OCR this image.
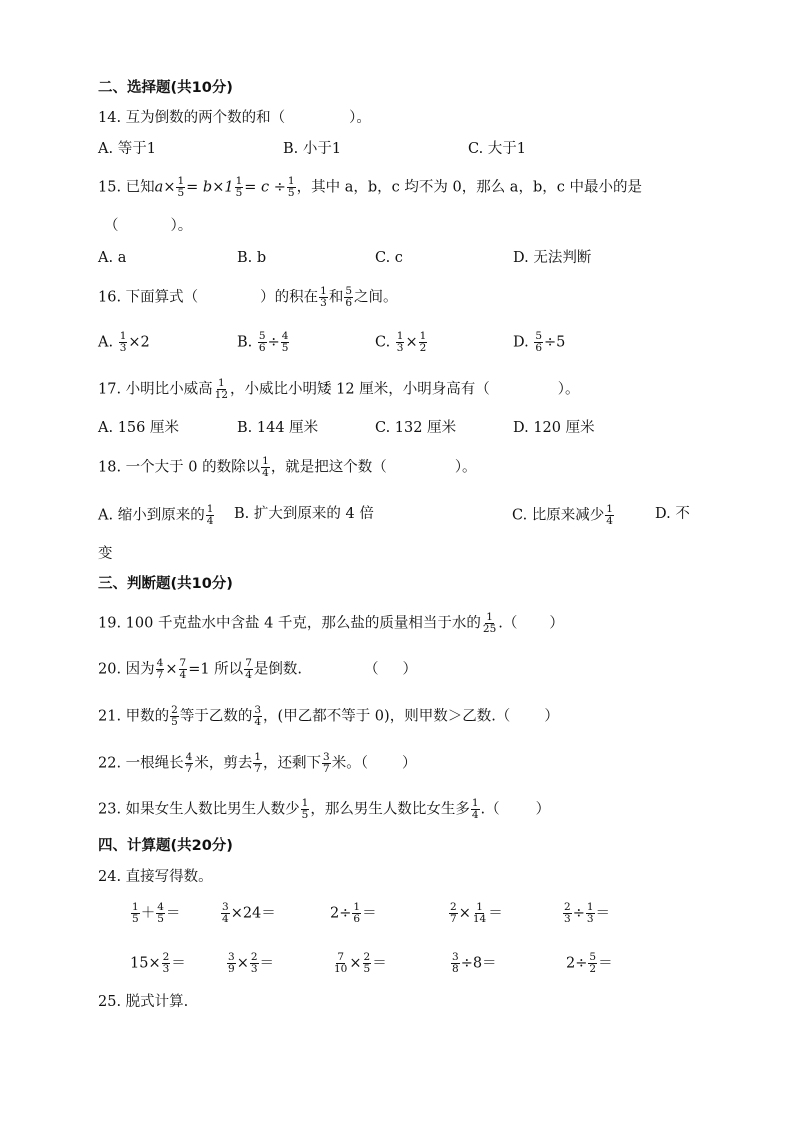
二、选择题(共10分)
14. 互为倒数的两个数的和（	）。
A. 等于1	B. 小于1	C. 大于1
15. 已知$a\times \frac{1}{5} = b\times 1 \frac{1}{5} = c \div \frac{1}{5}$ ，其中 a，b，c 均不为 0，那么 a，b，c 中最小的是
（	）。
A. a	B. b	C. c	D. 无法判断
16. 下面算式（	）的积在 $\frac{1}{3}$ 和 $\frac{5}{6}$ 之间。
A. $\frac{1}{3} \times 2$	B. $\frac{5}{6} \div \frac{4}{5}$	C. $\frac{1}{3} \times \frac{1}{2}$	D. $\frac{5}{6} \div 5$
17. 小明比小威高 $\frac{1}{12}$ ，小威比小明矮 12 厘米，小明身高有（	）。
A. 156 厘米	B. 144 厘米	C. 132 厘米	D. 120 厘米
18. 一个大于 0 的数除以 $\frac{1}{4}$ ，就是把这个数（	）。
A. 缩小到原来的 $\frac{1}{4} B$. 扩大到原来的 4 倍	C. 比原来减少 $\frac{1}{4}$	D. 不
变
三、判断题(共10分)
19. 100 千克盐水中含盐 4 千克，那么盐的质量相当于水的 $\frac{1}{25}$ .（ ）
20. 因为 $\frac{4}{7} \times \frac{7}{4} =1$ 所以 $\frac{7}{4}$ 是倒数.	（ ）
21. 甲数的 $\frac{2}{5}$ 等于乙数的 $\frac{3}{4}$ ，(甲乙都不等于 0)，则甲数＞乙数.（ ）
22. 一根绳长 $\frac{4}{7}$ 米，剪去 $\frac{1}{7}$ ，还剩下 $\frac{3}{7}$ 米。（ ）
23. 如果女生人数比男生人数少 $\frac{1}{5}$ ，那么男生人数比女生多 $\frac{1}{4}$ .（ ）
四、计算题(共20分)
24. 直接写得数。
$\frac{1}{5} + \frac{4}{5}$ ＝	$\frac{3}{4} \times 24=$	$2\div \frac{1}{6}$ ＝	$\frac{2}{7} \times \frac{1}{14}$ ＝	$\frac{2}{3} \div \frac{1}{3}$ ＝
$15\times \frac{2}{3}$ ＝	$\frac{3}{9} \times \frac{2}{3}$ ＝	$\frac{7}{10} \times \frac{2}{5}$ ＝	$\frac{3}{8} \div 8=$	$2\div \frac{5}{2}$ ＝
25. 脱式计算.
